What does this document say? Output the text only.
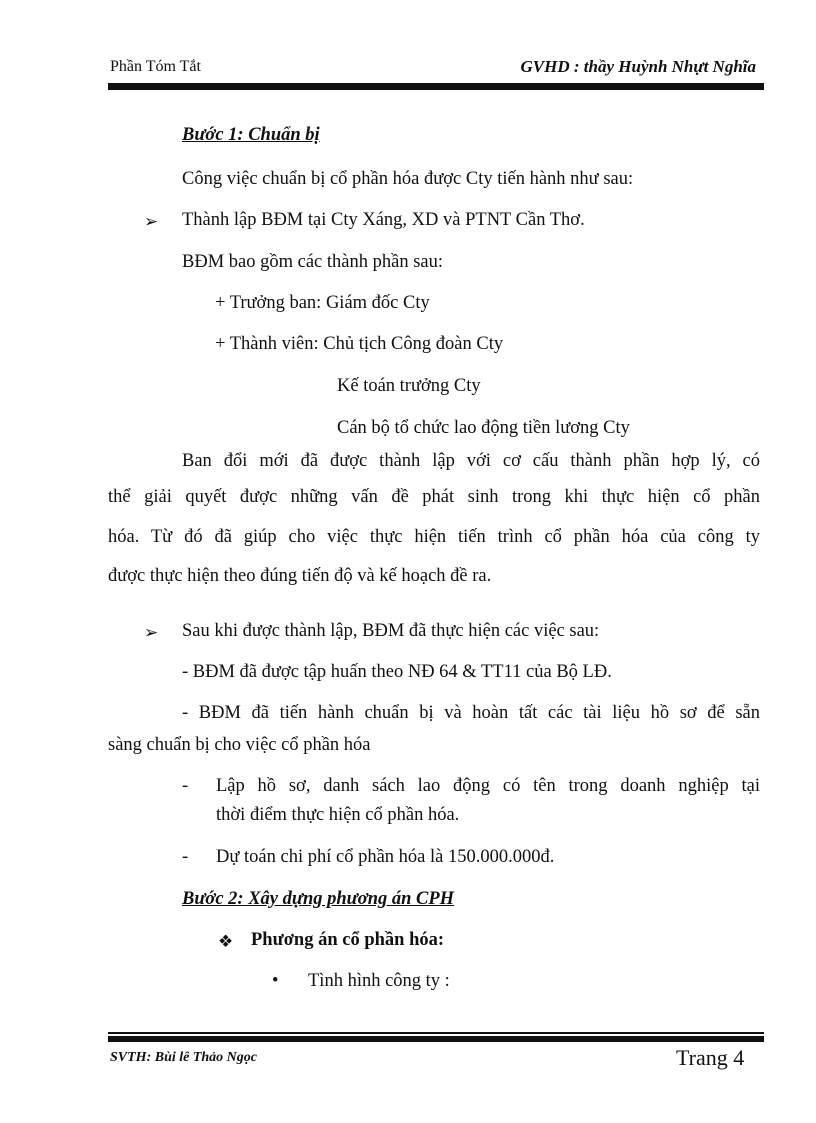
Phần Tóm Tắt	GVHD : thầy Huỳnh Nhựt Nghĩa
Bước 1: Chuẩn bị
Công việc chuẩn bị cổ phần hóa được Cty tiến hành như sau:
➢ Thành lập BĐM tại Cty Xáng, XD và PTNT Cần Thơ.
BĐM bao gồm các thành phần sau:
+ Trưởng ban: Giám đốc Cty
+ Thành viên: Chủ tịch Công đoàn Cty
Kế toán trưởng Cty
Cán bộ tổ chức lao động tiền lương Cty
Ban đổi mới đã được thành lập với cơ cấu thành phần hợp lý, có
thể giải quyết được những vấn đề phát sinh trong khi thực hiện cổ phần
hóa. Từ đó đã giúp cho việc thực hiện tiến trình cổ phần hóa của công ty
được thực hiện theo đúng tiến độ và kế hoạch đề ra.
➢ Sau khi được thành lập, BĐM đã thực hiện các việc sau:
- BĐM đã được tập huấn theo NĐ 64 & TT11 của Bộ LĐ.
- BĐM đã tiến hành chuẩn bị và hoàn tất các tài liệu hồ sơ để sẵn
sàng chuẩn bị cho việc cổ phần hóa
- Lập hồ sơ, danh sách lao động có tên trong doanh nghiệp tại
thời điểm thực hiện cổ phần hóa.
- Dự toán chi phí cổ phần hóa là 150.000.000đ.
Bước 2: Xây dựng phương án CPH
❖ Phương án cổ phần hóa:
• Tình hình công ty :
SVTH: Bùi lê Thảo Ngọc	Trang 4
